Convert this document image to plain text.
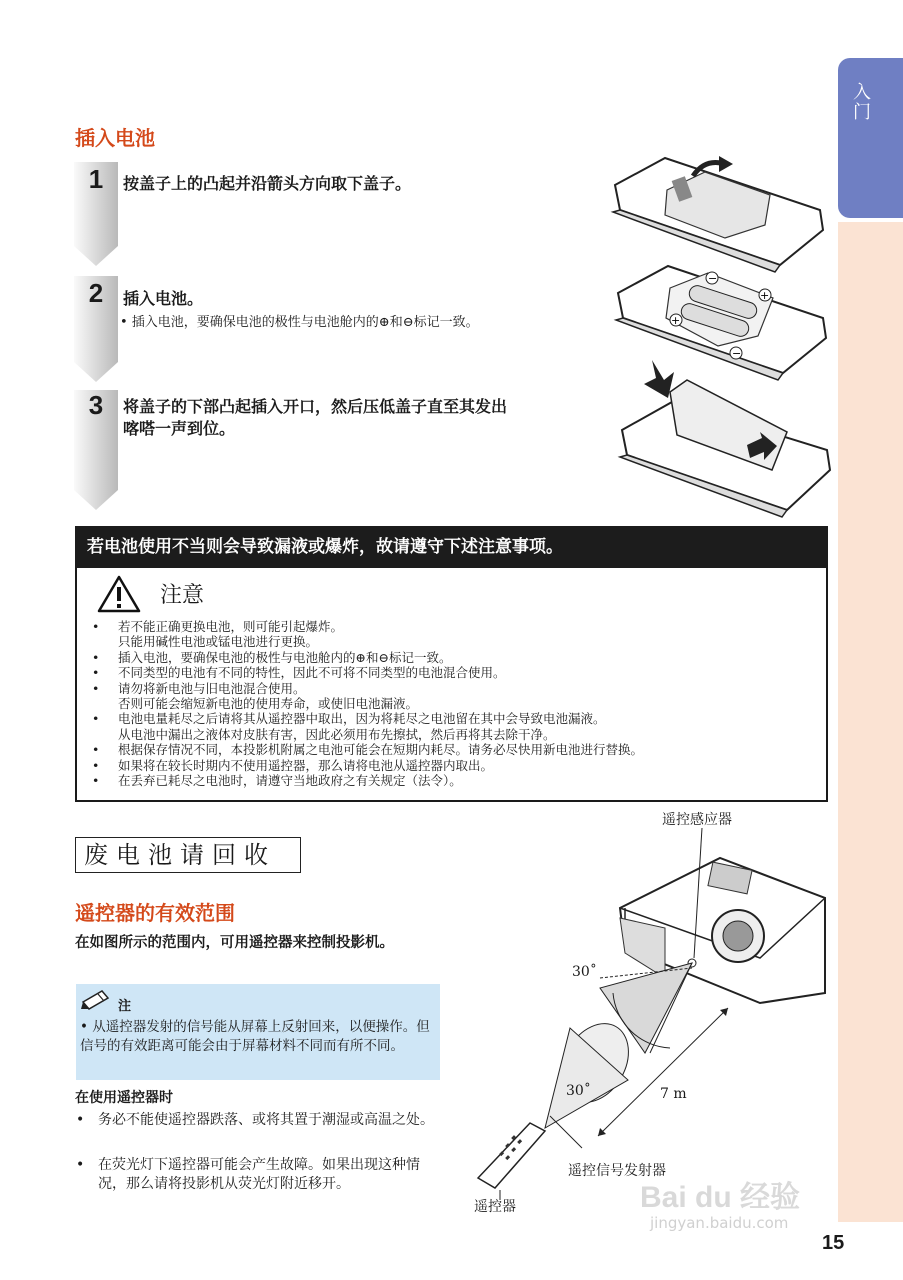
入门
插入电池
1	按盖子上的凸起并沿箭头方向取下盖子。
2	插入电池。
• 插入电池，要确保电池的极性与电池舱内的⊕和⊖标记一致。
3	将盖子的下部凸起插入开口，然后压低盖子直至其发出
喀嗒一声到位。
−
+
+
−
若电池使用不当则会导致漏液或爆炸，故请遵守下述注意事项。
注意
• 若不能正确更换电池，则可能引起爆炸。
只能用碱性电池或锰电池进行更换。
• 插入电池，要确保电池的极性与电池舱内的⊕和⊖标记一致。
• 不同类型的电池有不同的特性，因此不可将不同类型的电池混合使用。
• 请勿将新电池与旧电池混合使用。
否则可能会缩短新电池的使用寿命，或使旧电池漏液。
• 电池电量耗尽之后请将其从遥控器中取出，因为将耗尽之电池留在其中会导致电池漏液。
从电池中漏出之液体对皮肤有害，因此必须用布先擦拭，然后再将其去除干净。
• 根据保存情况不同，本投影机附属之电池可能会在短期内耗尽。请务必尽快用新电池进行替换。
• 如果将在较长时期内不使用遥控器，那么请将电池从遥控器内取出。
• 在丢弃已耗尽之电池时，请遵守当地政府之有关规定（法令）。
废电池请回收
遥控器的有效范围
在如图所示的范围内，可用遥控器来控制投影机。
注
• 从遥控器发射的信号能从屏幕上反射回来，以便操作。但信号的有效距离可能会由于屏幕材料不同而有所不同。
在使用遥控器时
• 务必不能使遥控器跌落、或将其置于潮湿或高温之处。
• 在荧光灯下遥控器可能会产生故障。如果出现这种情况，那么请将投影机从荧光灯附近移开。
遥控感应器
30˚
30˚	7 m
遥控信号发射器
遥控器	Bai du 经验
jingyan.baidu.com
15
